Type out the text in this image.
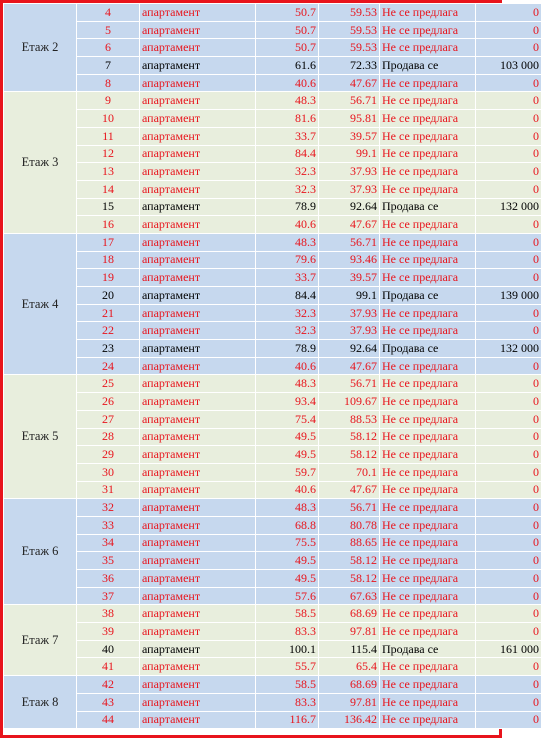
Етаж 2	4	апартамент	50.7	59.53	Не се предлага	0
	5	апартамент	50.7	59.53	Не се предлага	0
	6	апартамент	50.7	59.53	Не се предлага	0
	7	апартамент	61.6	72.33	Продава се	103 000
	8	апартамент	40.6	47.67	Не се предлага	0
Етаж 3	9	апартамент	48.3	56.71	Не се предлага	0
	10	апартамент	81.6	95.81	Не се предлага	0
	11	апартамент	33.7	39.57	Не се предлага	0
	12	апартамент	84.4	99.1	Не се предлага	0
	13	апартамент	32.3	37.93	Не се предлага	0
	14	апартамент	32.3	37.93	Не се предлага	0
	15	апартамент	78.9	92.64	Продава се	132 000
	16	апартамент	40.6	47.67	Не се предлага	0
Етаж 4	17	апартамент	48.3	56.71	Не се предлага	0
	18	апартамент	79.6	93.46	Не се предлага	0
	19	апартамент	33.7	39.57	Не се предлага	0
	20	апартамент	84.4	99.1	Продава се	139 000
	21	апартамент	32.3	37.93	Не се предлага	0
	22	апартамент	32.3	37.93	Не се предлага	0
	23	апартамент	78.9	92.64	Продава се	132 000
	24	апартамент	40.6	47.67	Не се предлага	0
Етаж 5	25	апартамент	48.3	56.71	Не се предлага	0
	26	апартамент	93.4	109.67	Не се предлага	0
	27	апартамент	75.4	88.53	Не се предлага	0
	28	апартамент	49.5	58.12	Не се предлага	0
	29	апартамент	49.5	58.12	Не се предлага	0
	30	апартамент	59.7	70.1	Не се предлага	0
	31	апартамент	40.6	47.67	Не се предлага	0
Етаж 6	32	апартамент	48.3	56.71	Не се предлага	0
	33	апартамент	68.8	80.78	Не се предлага	0
	34	апартамент	75.5	88.65	Не се предлага	0
	35	апартамент	49.5	58.12	Не се предлага	0
	36	апартамент	49.5	58.12	Не се предлага	0
	37	апартамент	57.6	67.63	Не се предлага	0
Етаж 7	38	апартамент	58.5	68.69	Не се предлага	0
	39	апартамент	83.3	97.81	Не се предлага	0
	40	апартамент	100.1	115.4	Продава се	161 000
	41	апартамент	55.7	65.4	Не се предлага	0
Етаж 8	42	апартамент	58.5	68.69	Не се предлага	0
	43	апартамент	83.3	97.81	Не се предлага	0
	44	апартамент	116.7	136.42	Не се предлага	0
